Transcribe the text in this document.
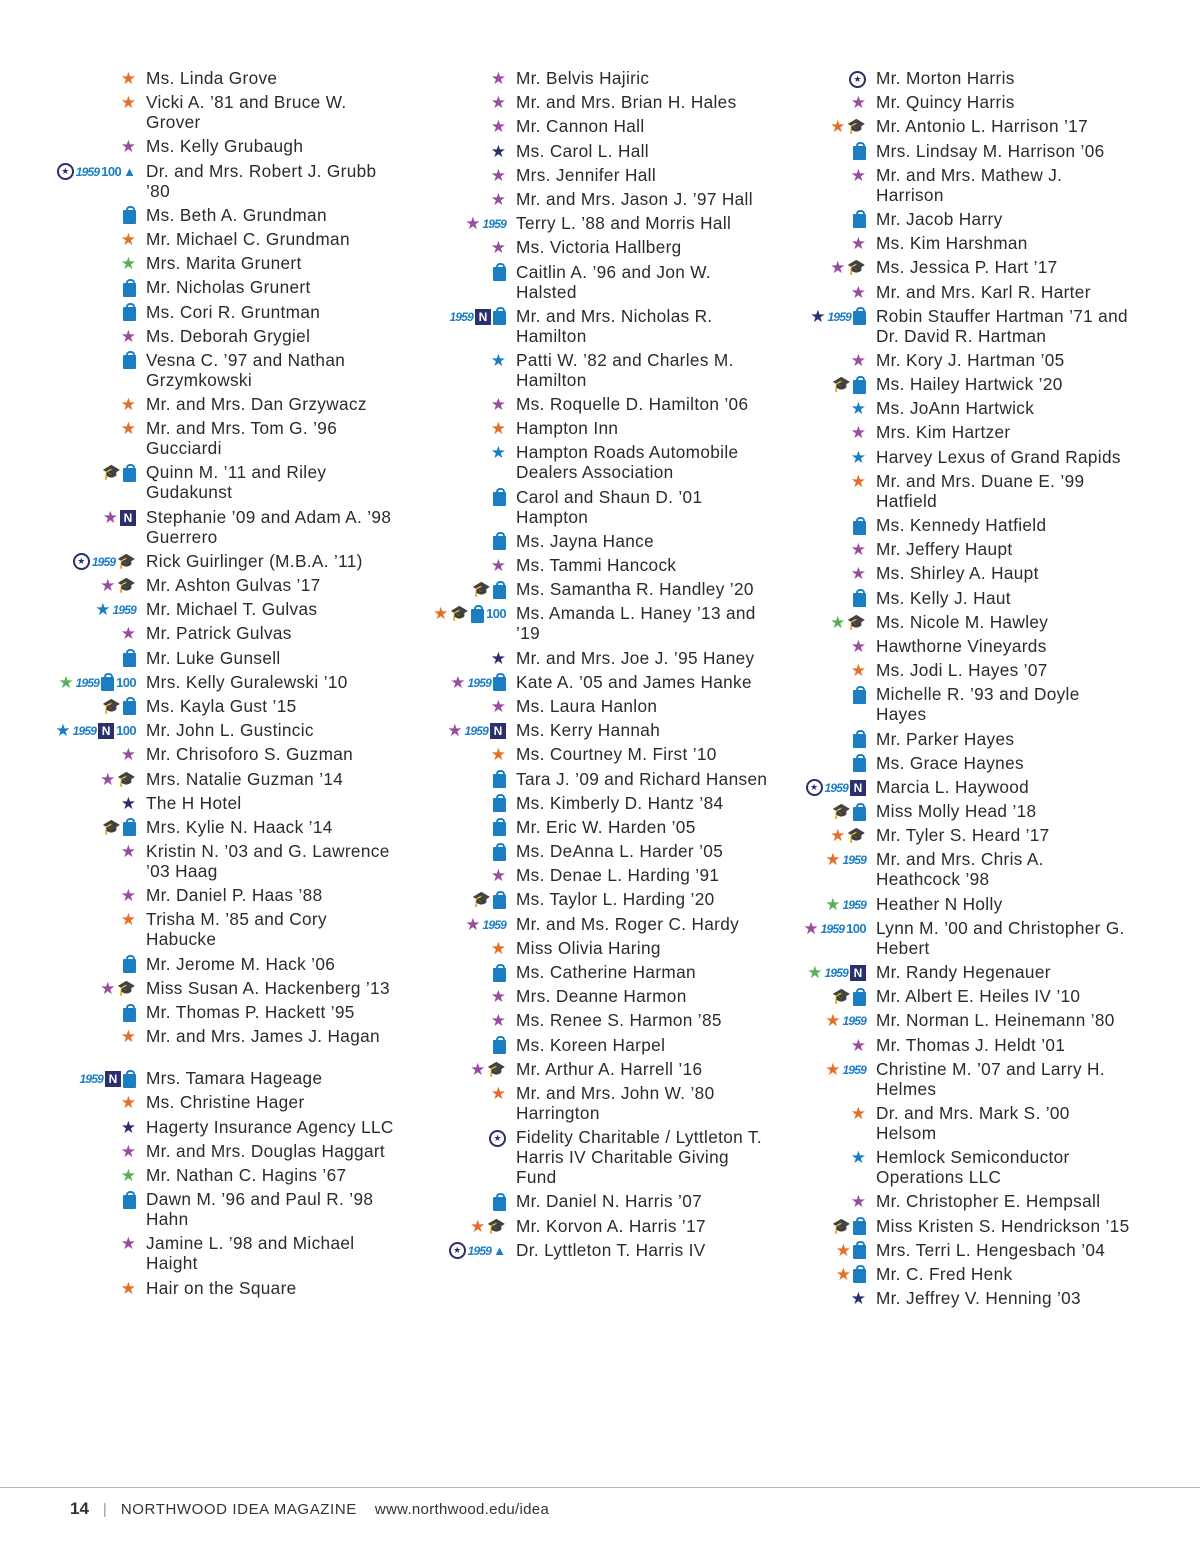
★ Ms. Linda Grove
★ Vicki A. ’81 and Bruce W. Grover
★ Ms. Kelly Grubaugh
★ 1959 100 ▲ Dr. and Mrs. Robert J. Grubb ’80
Ms. Beth A. Grundman
★ Mr. Michael C. Grundman
★ Mrs. Marita Grunert
Mr. Nicholas Grunert
Ms. Cori R. Gruntman
★ Ms. Deborah Grygiel
Vesna C. ’97 and Nathan Grzymkowski
★ Mr. and Mrs. Dan Grzywacz
★ Mr. and Mrs. Tom G. ’96 Gucciardi
🎓 Quinn M. ’11 and Riley Gudakunst
★ N Stephanie ’09 and Adam A. ’98 Guerrero
★ 1959 🎓 Rick Guirlinger (M.B.A. ’11)
★ 🎓 Mr. Ashton Gulvas ’17
★ 1959 Mr. Michael T. Gulvas
★ Mr. Patrick Gulvas
Mr. Luke Gunsell
★ 1959 100 Mrs. Kelly Guralewski ’10
🎓 Ms. Kayla Gust ’15
★ 1959 N 100 Mr. John L. Gustincic
★ Mr. Chrisoforo S. Guzman
★ 🎓 Mrs. Natalie Guzman ’14
★ The H Hotel
🎓 Mrs. Kylie N. Haack ’14
★ Kristin N. ’03 and G. Lawrence ’03 Haag
★ Mr. Daniel P. Haas ’88
★ Trisha M. ’85 and Cory Habucke
Mr. Jerome M. Hack ’06
★ 🎓 Miss Susan A. Hackenberg ’13
Mr. Thomas P. Hackett ’95
★ Mr. and Mrs. James J. Hagan
1959 N Mrs. Tamara Hageage
★ Ms. Christine Hager
★ Hagerty Insurance Agency LLC
★ Mr. and Mrs. Douglas Haggart
★ Mr. Nathan C. Hagins ’67
Dawn M. ’96 and Paul R. ’98 Hahn
★ Jamine L. ’98 and Michael Haight
★ Hair on the Square
★ Mr. Belvis Hajiric
★ Mr. and Mrs. Brian H. Hales
★ Mr. Cannon Hall
★ Ms. Carol L. Hall
★ Mrs. Jennifer Hall
★ Mr. and Mrs. Jason J. ’97 Hall
★ 1959 Terry L. ’88 and Morris Hall
★ Ms. Victoria Hallberg
Caitlin A. ’96 and Jon W. Halsted
1959 N Mr. and Mrs. Nicholas R. Hamilton
★ Patti W. ’82 and Charles M. Hamilton
★ Ms. Roquelle D. Hamilton ’06
★ Hampton Inn
★ Hampton Roads Automobile Dealers Association
Carol and Shaun D. ’01 Hampton
Ms. Jayna Hance
★ Ms. Tammi Hancock
🎓 Ms. Samantha R. Handley ’20
★ 🎓 100 Ms. Amanda L. Haney ’13 and ’19
★ Mr. and Mrs. Joe J. ’95 Haney
★ 1959 Kate A. ’05 and James Hanke
★ Ms. Laura Hanlon
★ 1959 N Ms. Kerry Hannah
★ Ms. Courtney M. First ’10
Tara J. ’09 and Richard Hansen
Ms. Kimberly D. Hantz ’84
Mr. Eric W. Harden ’05
Ms. DeAnna L. Harder ’05
★ Ms. Denae L. Harding ’91
🎓 Ms. Taylor L. Harding ’20
★ 1959 Mr. and Ms. Roger C. Hardy
★ Miss Olivia Haring
Ms. Catherine Harman
★ Mrs. Deanne Harmon
★ Ms. Renee S. Harmon ’85
Ms. Koreen Harpel
★ 🎓 Mr. Arthur A. Harrell ’16
★ Mr. and Mrs. John W. ’80 Harrington
★ Fidelity Charitable / Lyttleton T. Harris IV Charitable Giving Fund
Mr. Daniel N. Harris ’07
★ 🎓 Mr. Korvon A. Harris ’17
★ 1959 ▲ Dr. Lyttleton T. Harris IV
★ Mr. Morton Harris
★ Mr. Quincy Harris
★ 🎓 Mr. Antonio L. Harrison ’17
Mrs. Lindsay M. Harrison ’06
★ Mr. and Mrs. Mathew J. Harrison
Mr. Jacob Harry
★ Ms. Kim Harshman
★ 🎓 Ms. Jessica P. Hart ’17
★ Mr. and Mrs. Karl R. Harter
★ 1959 Robin Stauffer Hartman ’71 and Dr. David R. Hartman
★ Mr. Kory J. Hartman ’05
🎓 Ms. Hailey Hartwick ’20
★ Ms. JoAnn Hartwick
★ Mrs. Kim Hartzer
★ Harvey Lexus of Grand Rapids
★ Mr. and Mrs. Duane E. ’99 Hatfield
Ms. Kennedy Hatfield
★ Mr. Jeffery Haupt
★ Ms. Shirley A. Haupt
Ms. Kelly J. Haut
★ 🎓 Ms. Nicole M. Hawley
★ Hawthorne Vineyards
★ Ms. Jodi L. Hayes ’07
Michelle R. ’93 and Doyle Hayes
Mr. Parker Hayes
Ms. Grace Haynes
★ 1959 N Marcia L. Haywood
🎓 Miss Molly Head ’18
★ 🎓 Mr. Tyler S. Heard ’17
★ 1959 Mr. and Mrs. Chris A. Heathcock ’98
★ 1959 Heather N Holly
★ 1959 100 Lynn M. ’00 and Christopher G. Hebert
★ 1959 N Mr. Randy Hegenauer
🎓 Mr. Albert E. Heiles IV ’10
★ 1959 Mr. Norman L. Heinemann ’80
★ Mr. Thomas J. Heldt ’01
★ 1959 Christine M. ’07 and Larry H. Helmes
★ Dr. and Mrs. Mark S. ’00 Helsom
★ Hemlock Semiconductor Operations LLC
★ Mr. Christopher E. Hempsall
🎓 Miss Kristen S. Hendrickson ’15
★ Mrs. Terri L. Hengesbach ’04
★ Mr. C. Fred Henk
★ Mr. Jeffrey V. Henning ’03
14 | NORTHWOOD IDEA MAGAZINE www.northwood.edu/idea
